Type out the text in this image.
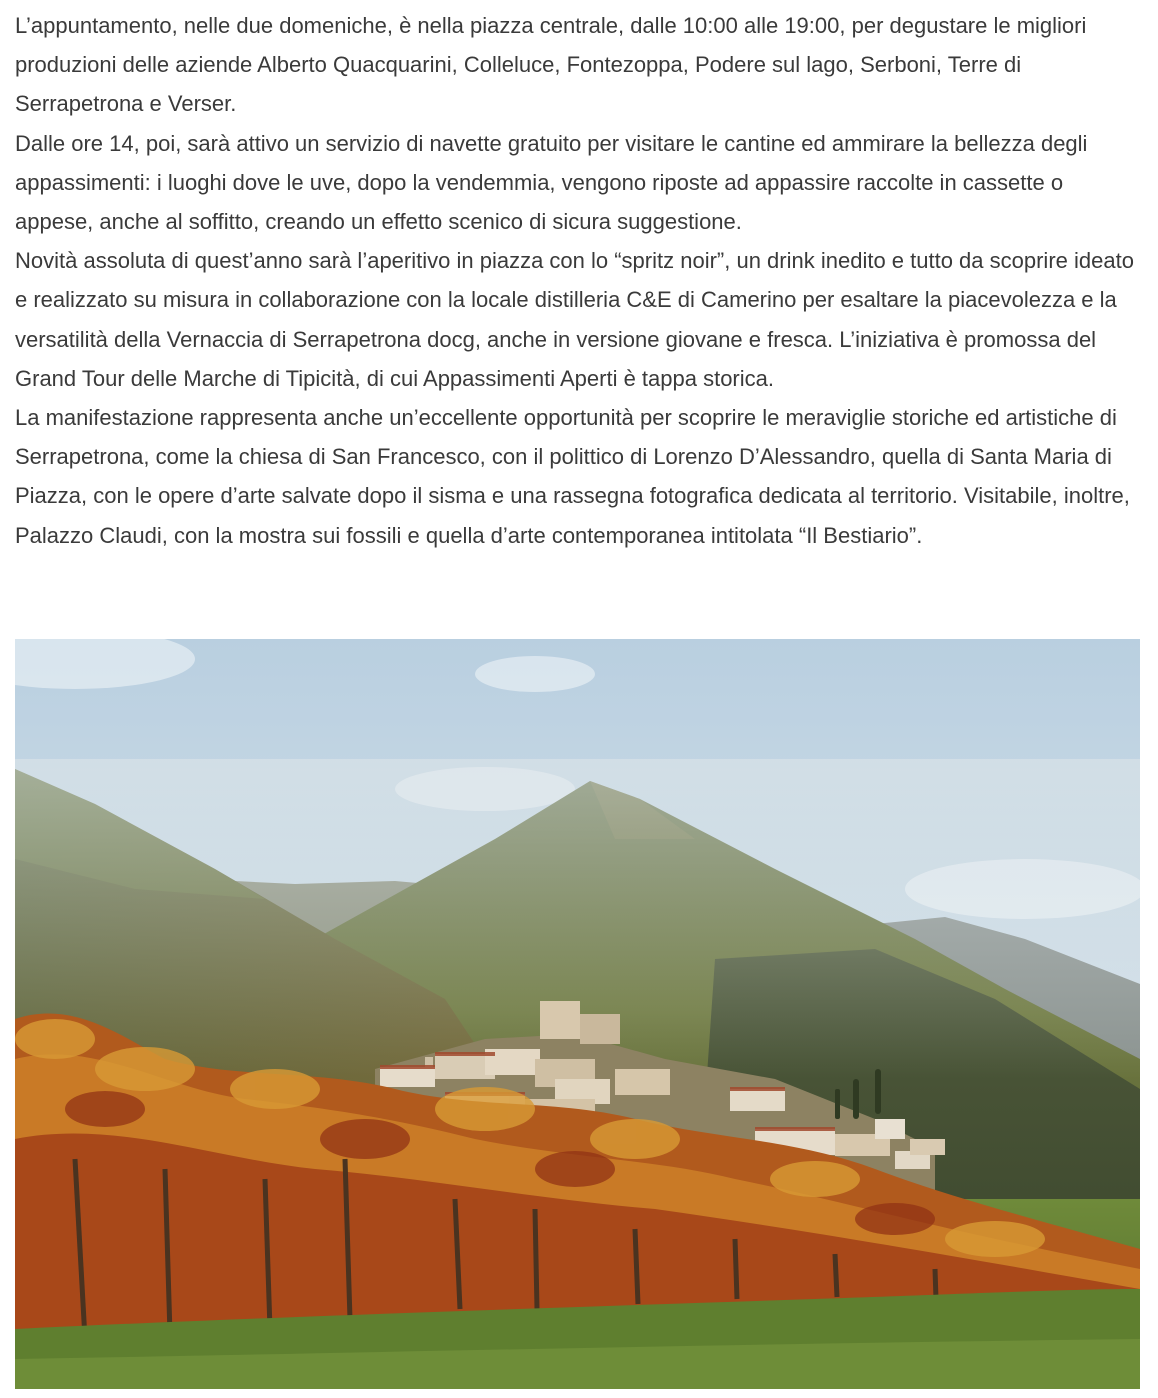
L’appuntamento, nelle due domeniche, è nella piazza centrale, dalle 10:00 alle 19:00, per degustare le migliori produzioni delle aziende Alberto Quacquarini, Colleluce, Fontezoppa, Podere sul lago, Serboni, Terre di Serrapetrona e Verser.

Dalle ore 14, poi, sarà attivo un servizio di navette gratuito per visitare le cantine ed ammirare la bellezza degli appassimenti: i luoghi dove le uve, dopo la vendemmia, vengono riposte ad appassire raccolte in cassette o appese, anche al soffitto, creando un effetto scenico di sicura suggestione.

Novità assoluta di quest’anno sarà l’aperitivo in piazza con lo “spritz noir”, un drink inedito e tutto da scoprire ideato e realizzato su misura in collaborazione con la locale distilleria C&E di Camerino per esaltare la piacevolezza e la versatilità della Vernaccia di Serrapetrona docg, anche in versione giovane e fresca. L’iniziativa è promossa del Grand Tour delle Marche di Tipicità, di cui Appassimenti Aperti è tappa storica.

La manifestazione rappresenta anche un’eccellente opportunità per scoprire le meraviglie storiche ed artistiche di Serrapetrona, come la chiesa di San Francesco, con il polittico di Lorenzo D’Alessandro, quella di Santa Maria di Piazza, con le opere d’arte salvate dopo il sisma e una rassegna fotografica dedicata al territorio. Visitabile, inoltre, Palazzo Claudi, con la mostra sui fossili e quella d’arte contemporanea intitolata “Il Bestiario”.
